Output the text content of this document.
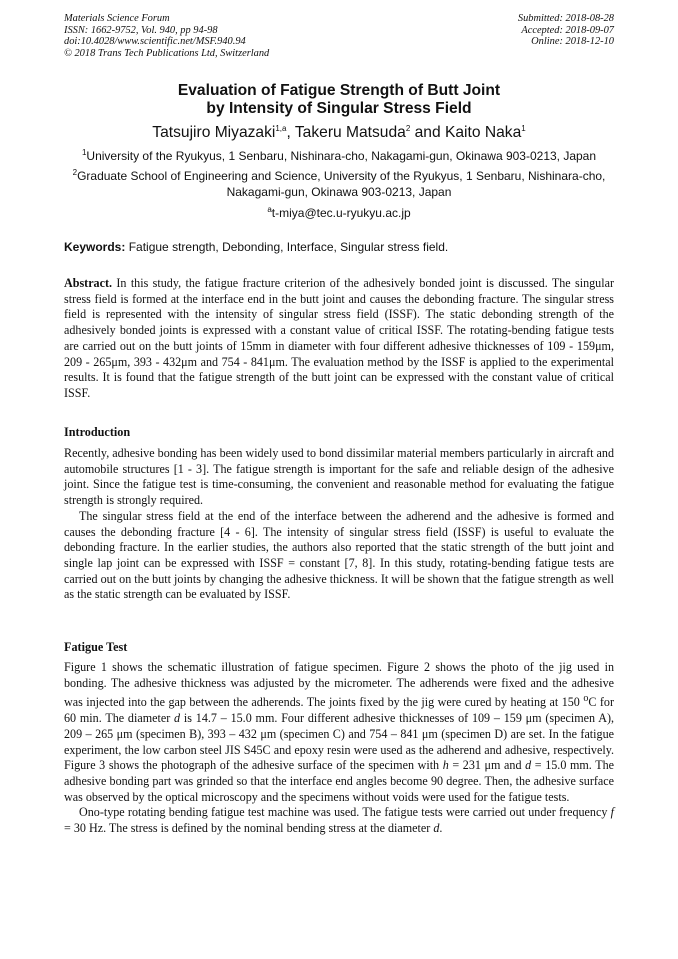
Materials Science Forum
ISSN: 1662-9752, Vol. 940, pp 94-98
doi:10.4028/www.scientific.net/MSF.940.94
© 2018 Trans Tech Publications Ltd, Switzerland
Submitted: 2018-08-28
Accepted: 2018-09-07
Online: 2018-12-10
Evaluation of Fatigue Strength of Butt Joint
by Intensity of Singular Stress Field
Tatsujiro Miyazaki$^{1,a}$, Takeru Matsuda$^2$ and Kaito Naka$^1$
$^1$University of the Ryukyus, 1 Senbaru, Nishinara-cho, Nakagami-gun, Okinawa 903-0213, Japan
$^2$Graduate School of Engineering and Science, University of the Ryukyus, 1 Senbaru, Nishinara-cho,
Nakagami-gun, Okinawa 903-0213, Japan
$^a$t-miya@tec.u-ryukyu.ac.jp
Keywords: Fatigue strength, Debonding, Interface, Singular stress field.

Abstract. In this study, the fatigue fracture criterion of the adhesively bonded joint is discussed. The singular stress field is formed at the interface end in the butt joint and causes the debonding fracture. The singular stress field is represented with the intensity of singular stress field (ISSF). The static debonding strength of the adhesively bonded joints is expressed with a constant value of critical ISSF. The rotating-bending fatigue tests are carried out on the butt joints of 15mm in diameter with four different adhesive thicknesses of 109 - 159μm, 209 - 265μm, 393 - 432μm and 754 - 841μm. The evaluation method by the ISSF is applied to the experimental results. It is found that the fatigue strength of the butt joint can be expressed with the constant value of critical ISSF.

Introduction

Recently, adhesive bonding has been widely used to bond dissimilar material members particularly in aircraft and automobile structures [1 - 3]. The fatigue strength is important for the safe and reliable design of the adhesive joint. Since the fatigue test is time-consuming, the convenient and reasonable method for evaluating the fatigue strength is strongly required.

The singular stress field at the end of the interface between the adherend and the adhesive is formed and causes the debonding fracture [4 - 6]. The intensity of singular stress field (ISSF) is useful to evaluate the debonding fracture. In the earlier studies, the authors also reported that the static strength of the butt joint and single lap joint can be expressed with ISSF = constant [7, 8]. In this study, rotating-bending fatigue tests are carried out on the butt joints by changing the adhesive thickness. It will be shown that the fatigue strength as well as the static strength can be evaluated by ISSF.

Fatigue Test

Figure 1 shows the schematic illustration of fatigue specimen. Figure 2 shows the photo of the jig used in bonding. The adhesive thickness was adjusted by the micrometer. The adherends were fixed and the adhesive was injected into the gap between the adherends. The joints fixed by the jig were cured by heating at 150 $^o$C for 60 min. The diameter d is 14.7 – 15.0 mm. Four different adhesive thicknesses of 109 – 159 μm (specimen A), 209 – 265 μm (specimen B), 393 – 432 μm (specimen C) and 754 – 841 μm (specimen D) are set. In the fatigue experiment, the low carbon steel JIS S45C and epoxy resin were used as the adherend and adhesive, respectively. Figure 3 shows the photograph of the adhesive surface of the specimen with h = 231 μm and d = 15.0 mm. The adhesive bonding part was grinded so that the interface end angles become 90 degree. Then, the adhesive surface was observed by the optical microscopy and the specimens without voids were used for the fatigue tests.

Ono-type rotating bending fatigue test machine was used. The fatigue tests were carried out under frequency f = 30 Hz. The stress is defined by the nominal bending stress at the diameter d.
